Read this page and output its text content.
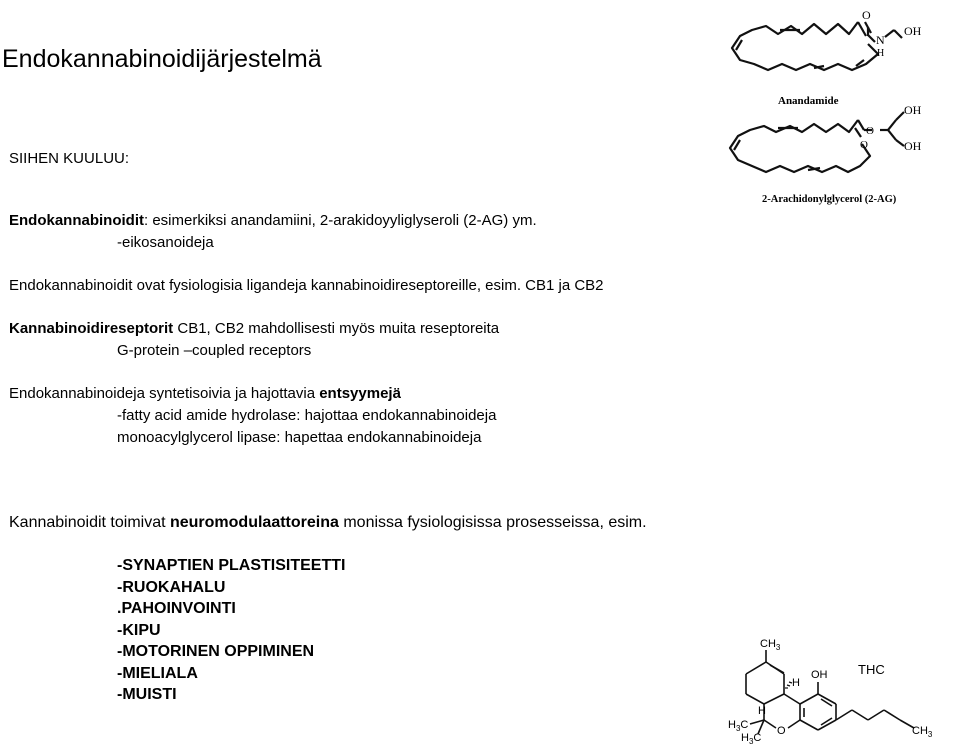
Endokannabinoidijärjestelmä
SIIHEN KUULUU:
Endokannabinoidit: esimerkiksi anandamiini, 2-arakidoyyliglyseroli (2-AG) ym.
-eikosanoideja
Endokannabinoidit ovat fysiologisia ligandeja kannabinoidireseptoreille, esim. CB1 ja CB2
Kannabinoidireseptorit CB1, CB2 mahdollisesti myös muita reseptoreita
G-protein –coupled receptors
Endokannabinoideja syntetisoivia ja hajottavia entsyymejä
-fatty acid amide hydrolase: hajottaa endokannabinoideja
monoacylglycerol lipase: hapettaa endokannabinoideja
Kannabinoidit toimivat neuromodulaattoreina monissa fysiologisissa prosesseissa, esim.
-SYNAPTIEN PLASTISITEETTI
-RUOKAHALU
.PAHOINVOINTI
-KIPU
-MOTORINEN OPPIMINEN
-MIELIALA
-MUISTI
O
N
H
OH
Anandamide
O
O
OH
OH
2-Arachidonylglycerol (2-AG)
$CH_3$
H
OH THC
H
$H_3C$
$H_3C$
O	$CH_3$
